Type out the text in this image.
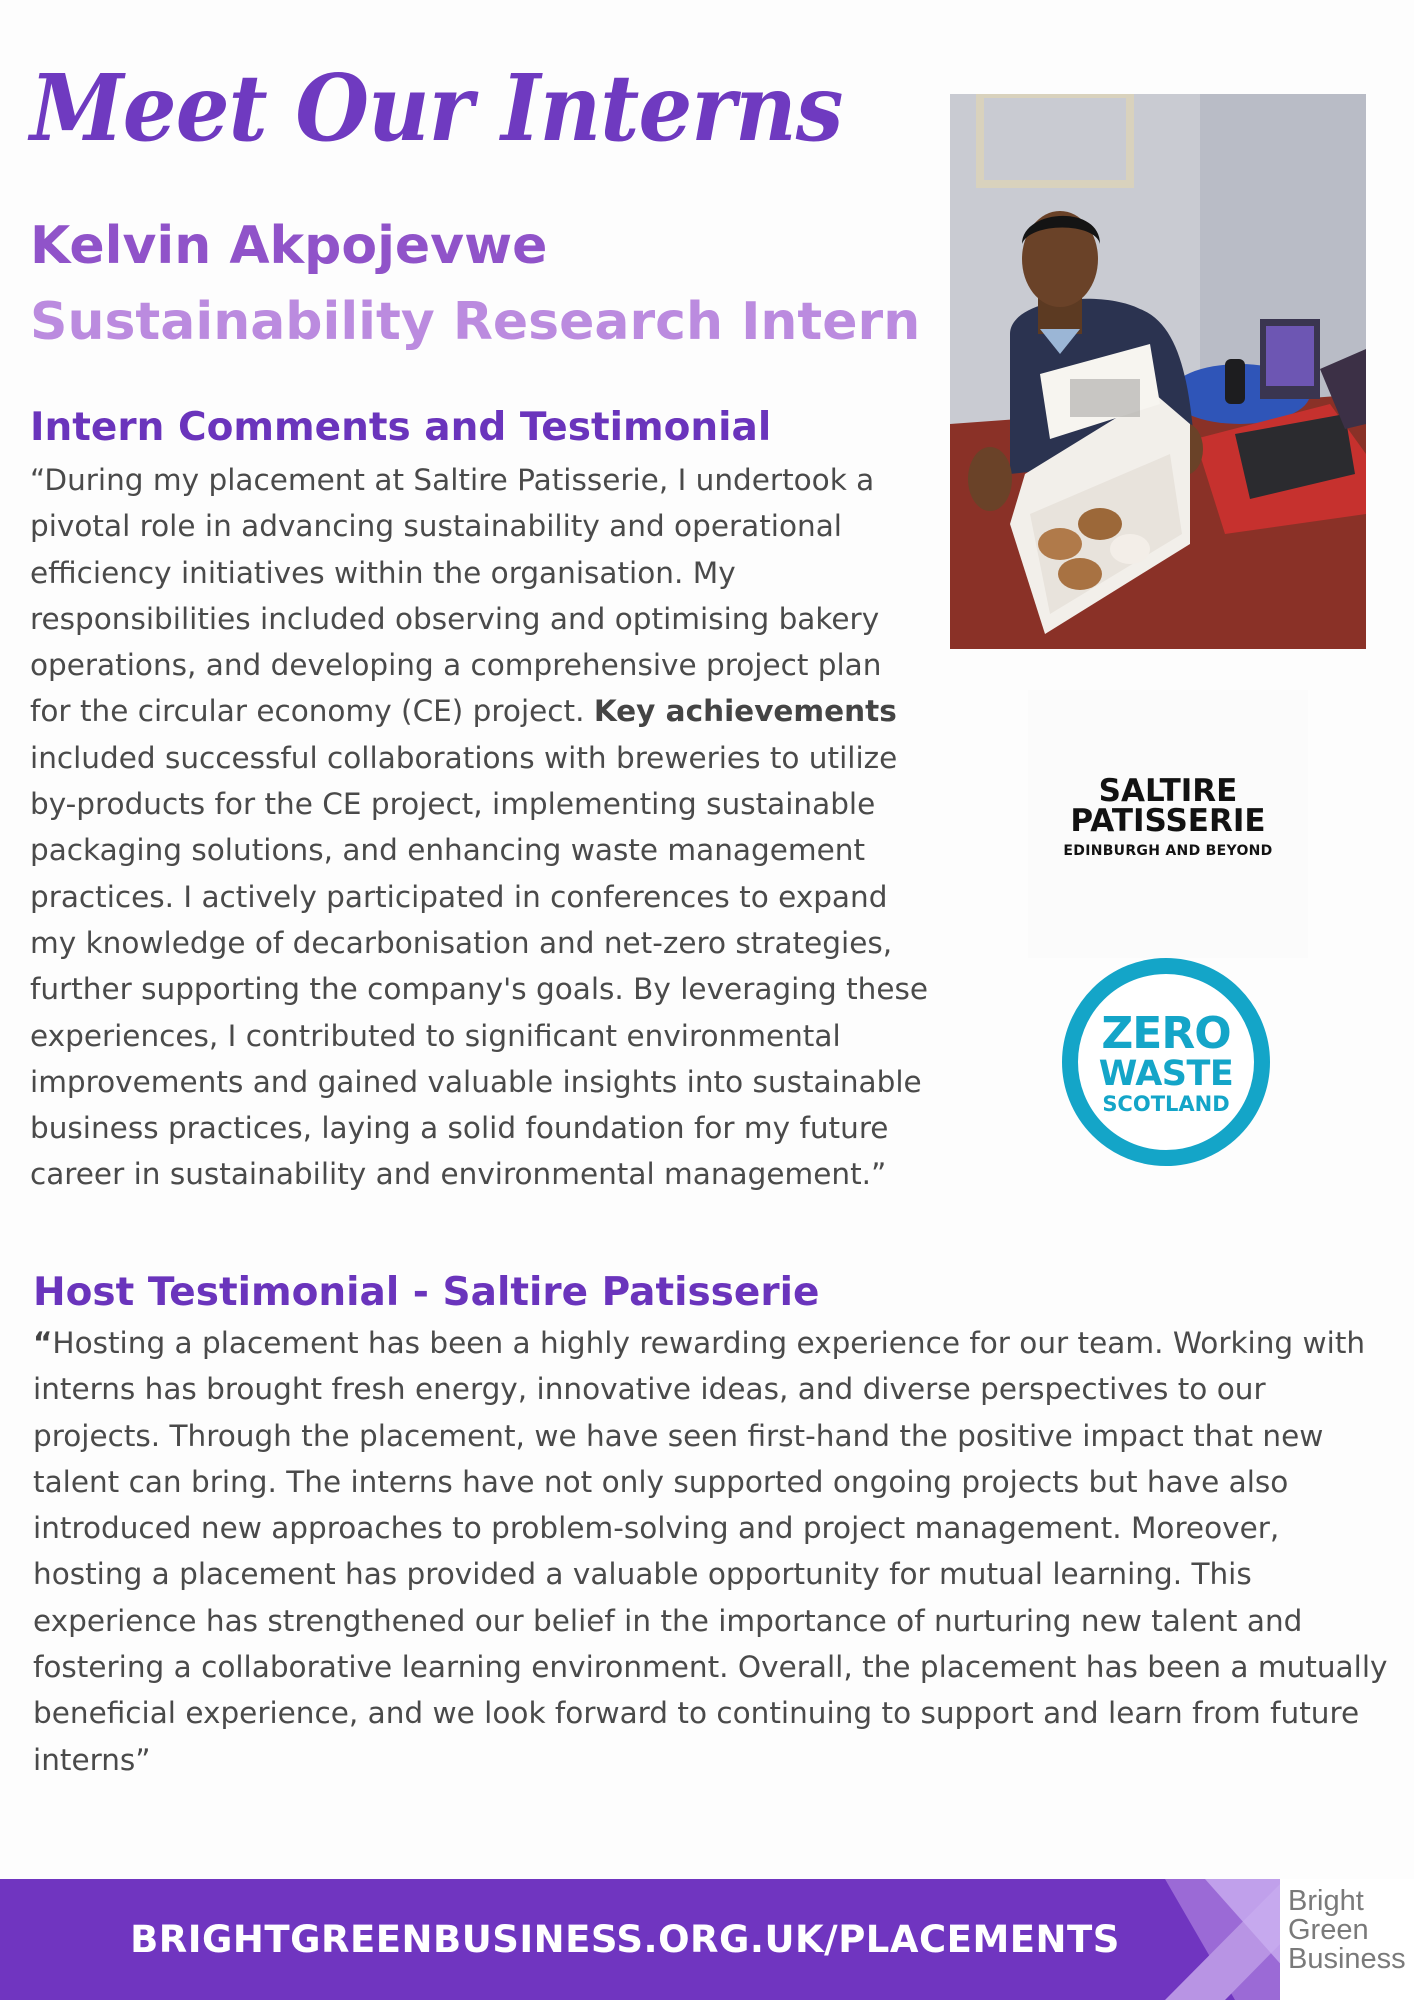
Meet Our Interns
Kelvin Akpojevwe
Sustainability Research Intern
Intern Comments and Testimonial

“During my placement at Saltire Patisserie, I undertook a pivotal role in advancing sustainability and operational efficiency initiatives within the organisation. My responsibilities included observing and optimising bakery operations, and developing a comprehensive project plan for the circular economy (CE) project. Key achievements included successful collaborations with breweries to utilize by-products for the CE project, implementing sustainable packaging solutions, and enhancing waste management practices. I actively participated in conferences to expand my knowledge of decarbonisation and net-zero strategies, further supporting the company's goals. By leveraging these experiences, I contributed to significant environmental improvements and gained valuable insights into sustainable business practices, laying a solid foundation for my future career in sustainability and environmental management.”

SALTIRE
PATISSERIE
EDINBURGH AND BEYOND
ZERO
WASTE
SCOTLAND
Host Testimonial - Saltire Patisserie

“Hosting a placement has been a highly rewarding experience for our team. Working with interns has brought fresh energy, innovative ideas, and diverse perspectives to our projects. Through the placement, we have seen first-hand the positive impact that new talent can bring. The interns have not only supported ongoing projects but have also introduced new approaches to problem-solving and project management. Moreover, hosting a placement has provided a valuable opportunity for mutual learning. This experience has strengthened our belief in the importance of nurturing new talent and fostering a collaborative learning environment. Overall, the placement has been a mutually beneficial experience, and we look forward to continuing to support and learn from future interns”

BRIGHTGREENBUSINESS.ORG.UK/PLACEMENTS
Bright
Green
Business
